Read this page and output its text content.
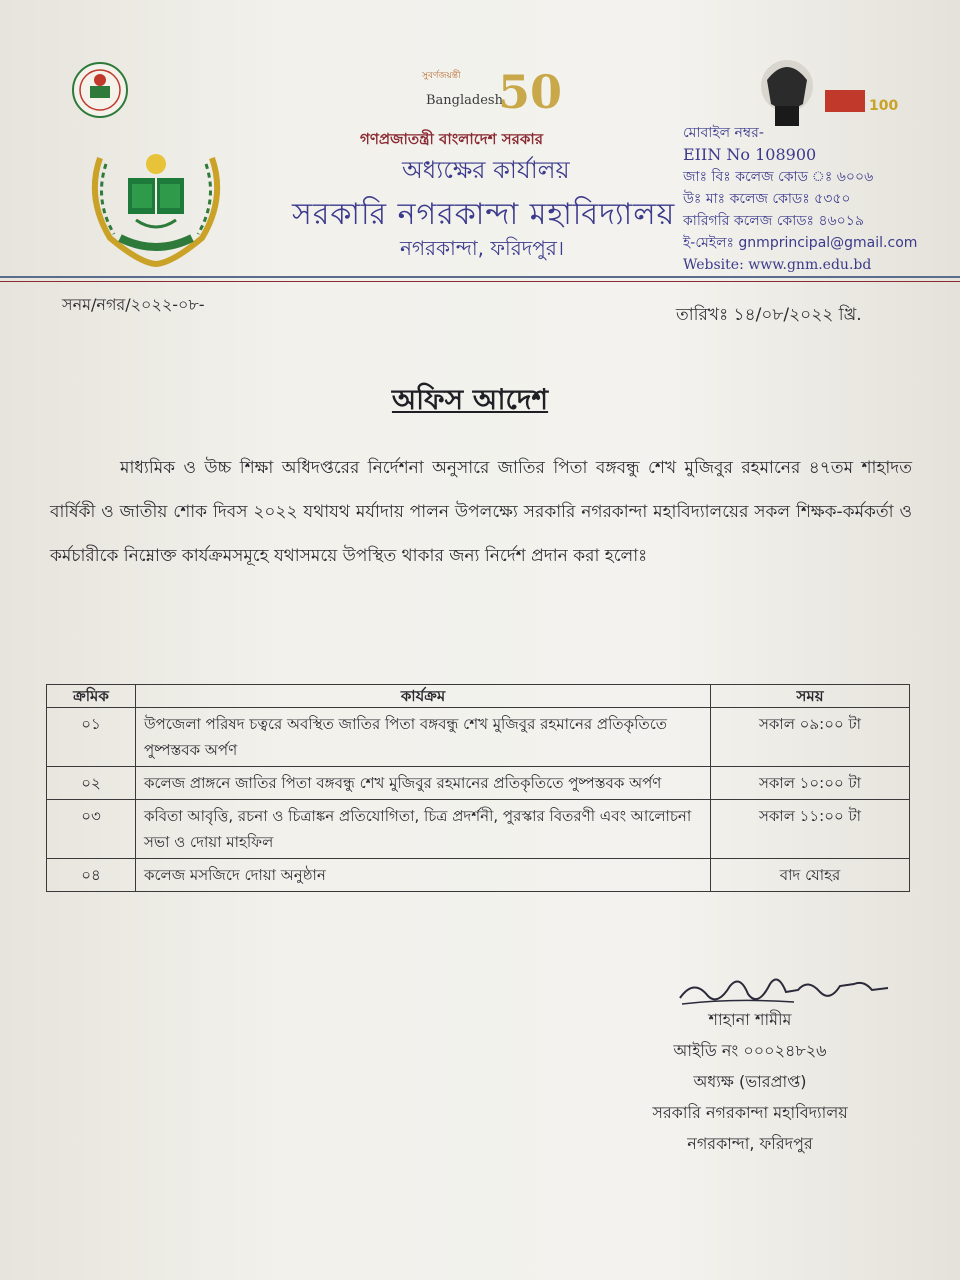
সুবর্ণজয়ন্তী
Bangladesh
50	100
গণপ্রজাতন্ত্রী বাংলাদেশ সরকার
অধ্যক্ষের কার্যালয়
সরকারি নগরকান্দা মহাবিদ্যালয়
নগরকান্দা, ফরিদপুর।
মোবাইল নম্বর-
EIIN No 108900
জাঃ বিঃ কলেজ কোড ঃ ৬০০৬
উঃ মাঃ কলেজ কোডঃ ৫৩৫০
কারিগরি কলেজ কোডঃ ৪৬০১৯
ই-মেইলঃ gnmprincipal@gmail.com
Website: www.gnm.edu.bd
সনম/নগর/২০২২-০৮-
তারিখঃ ১৪/০৮/২০২২ খ্রি.
অফিস আদেশ
মাধ্যমিক ও উচ্চ শিক্ষা অধিদপ্তরের নির্দেশনা অনুসারে জাতির পিতা বঙ্গবন্ধু শেখ মুজিবুর রহমানের ৪৭তম শাহাদত বার্ষিকী ও জাতীয় শোক দিবস ২০২২ যথাযথ মর্যাদায় পালন উপলক্ষ্যে সরকারি নগরকান্দা মহাবিদ্যালয়ের সকল শিক্ষক-কর্মকর্তা ও কর্মচারীকে নিম্নোক্ত কার্যক্রমসমূহে যথাসময়ে উপস্থিত থাকার জন্য নির্দেশ প্রদান করা হলোঃ
ক্রমিক	কার্যক্রম	সময়
০১	উপজেলা পরিষদ চত্বরে অবস্থিত জাতির পিতা বঙ্গবন্ধু শেখ মুজিবুর রহমানের প্রতিকৃতিতে পুষ্পস্তবক অর্পণ	সকাল ০৯:০০ টা
০২	কলেজ প্রাঙ্গনে জাতির পিতা বঙ্গবন্ধু শেখ মুজিবুর রহমানের প্রতিকৃতিতে পুষ্পস্তবক অর্পণ	সকাল ১০:০০ টা
০৩	কবিতা আবৃত্তি, রচনা ও চিত্রাঙ্কন প্রতিযোগিতা, চিত্র প্রদর্শনী, পুরস্কার বিতরণী এবং আলোচনা সভা ও দোয়া মাহফিল	সকাল ১১:০০ টা
০৪	কলেজ মসজিদে দোয়া অনুষ্ঠান	বাদ যোহর
শাহানা শামীম
আইডি নং ০০০২৪৮২৬
অধ্যক্ষ (ভারপ্রাপ্ত)
সরকারি নগরকান্দা মহাবিদ্যালয়
নগরকান্দা, ফরিদপুর
